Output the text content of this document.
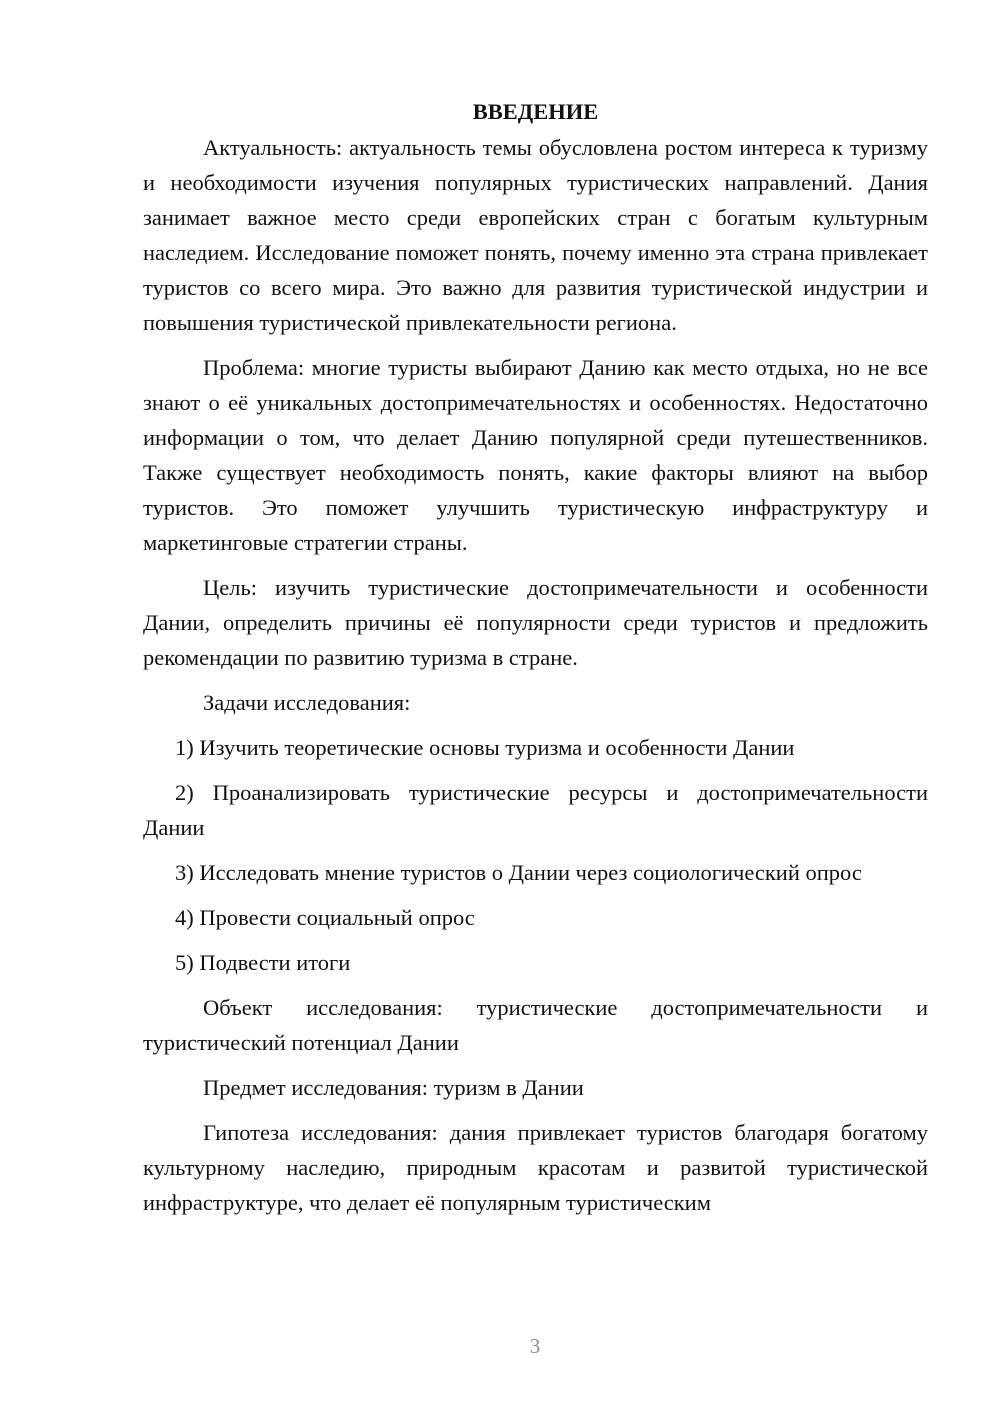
ВВЕДЕНИЕ

Актуальность: актуальность темы обусловлена ростом интереса к туризму и необходимости изучения популярных туристических направлений. Дания занимает важное место среди европейских стран с богатым культурным наследием. Исследование поможет понять, почему именно эта страна привлекает туристов со всего мира. Это важно для развития туристической индустрии и повышения туристической привлекательности региона.

Проблема: многие туристы выбирают Данию как место отдыха, но не все знают о её уникальных достопримечательностях и особенностях. Недостаточно информации о том, что делает Данию популярной среди путешественников. Также существует необходимость понять, какие факторы влияют на выбор туристов. Это поможет улучшить туристическую инфраструктуру и маркетинговые стратегии страны.

Цель: изучить туристические достопримечательности и особенности Дании, определить причины её популярности среди туристов и предложить рекомендации по развитию туризма в стране.

Задачи исследования:

1) Изучить теоретические основы туризма и особенности Дании

2) Проанализировать туристические ресурсы и достопримечательности Дании

3) Исследовать мнение туристов о Дании через социологический опрос

4) Провести социальный опрос

5) Подвести итоги

Объект исследования: туристические достопримечательности и туристический потенциал Дании

Предмет исследования: туризм в Дании

Гипотеза исследования: дания привлекает туристов благодаря богатому культурному наследию, природным красотам и развитой туристической инфраструктуре, что делает её популярным туристическим

3
